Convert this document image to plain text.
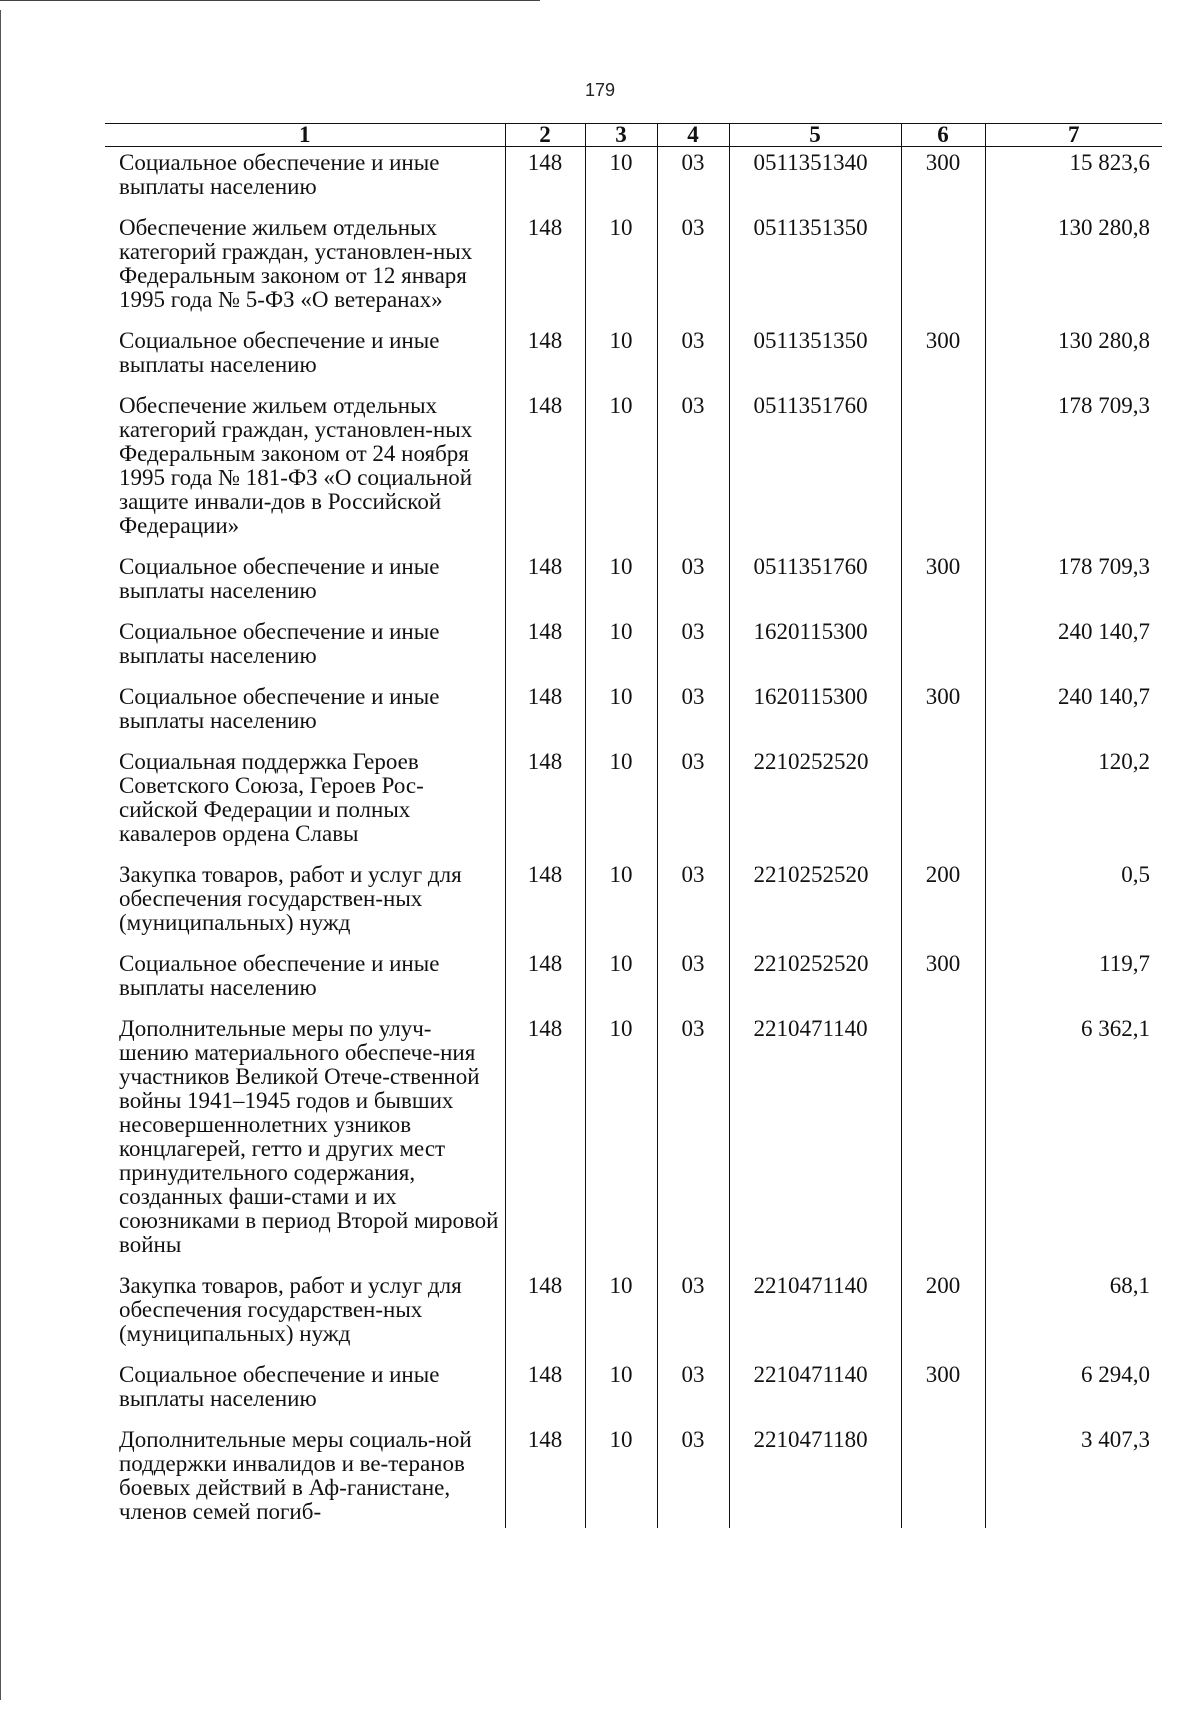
179
1	2	3	4	5	6	7
Социальное обеспечение и иные выплаты населению	148	10	03	0511351340	300	15 823,6
Обеспечение жильем отдельных категорий граждан, установлен-ных Федеральным законом от 12 января 1995 года № 5-ФЗ «О ветеранах»	148	10	03	0511351350		130 280,8
Социальное обеспечение и иные выплаты населению	148	10	03	0511351350	300	130 280,8
Обеспечение жильем отдельных категорий граждан, установлен-ных Федеральным законом от 24 ноября 1995 года № 181-ФЗ «О социальной защите инвали-дов в Российской Федерации»	148	10	03	0511351760		178 709,3
Социальное обеспечение и иные выплаты населению	148	10	03	0511351760	300	178 709,3
Социальное обеспечение и иные выплаты населению	148	10	03	1620115300		240 140,7
Социальное обеспечение и иные выплаты населению	148	10	03	1620115300	300	240 140,7
Социальная поддержка Героев Советского Союза, Героев Рос-сийской Федерации и полных кавалеров ордена Славы	148	10	03	2210252520		120,2
Закупка товаров, работ и услуг для обеспечения государствен-ных (муниципальных) нужд	148	10	03	2210252520	200	0,5
Социальное обеспечение и иные выплаты населению	148	10	03	2210252520	300	119,7
Дополнительные меры по улуч-шению материального обеспече-ния участников Великой Отече-ственной войны 1941–1945 годов и бывших несовершеннолетних узников концлагерей, гетто и других мест принудительного содержания, созданных фаши-стами и их союзниками в период Второй мировой войны	148	10	03	2210471140		6 362,1
Закупка товаров, работ и услуг для обеспечения государствен-ных (муниципальных) нужд	148	10	03	2210471140	200	68,1
Социальное обеспечение и иные выплаты населению	148	10	03	2210471140	300	6 294,0
Дополнительные меры социаль-ной поддержки инвалидов и ве-теранов боевых действий в Аф-ганистане, членов семей погиб-	148	10	03	2210471180		3 407,3
